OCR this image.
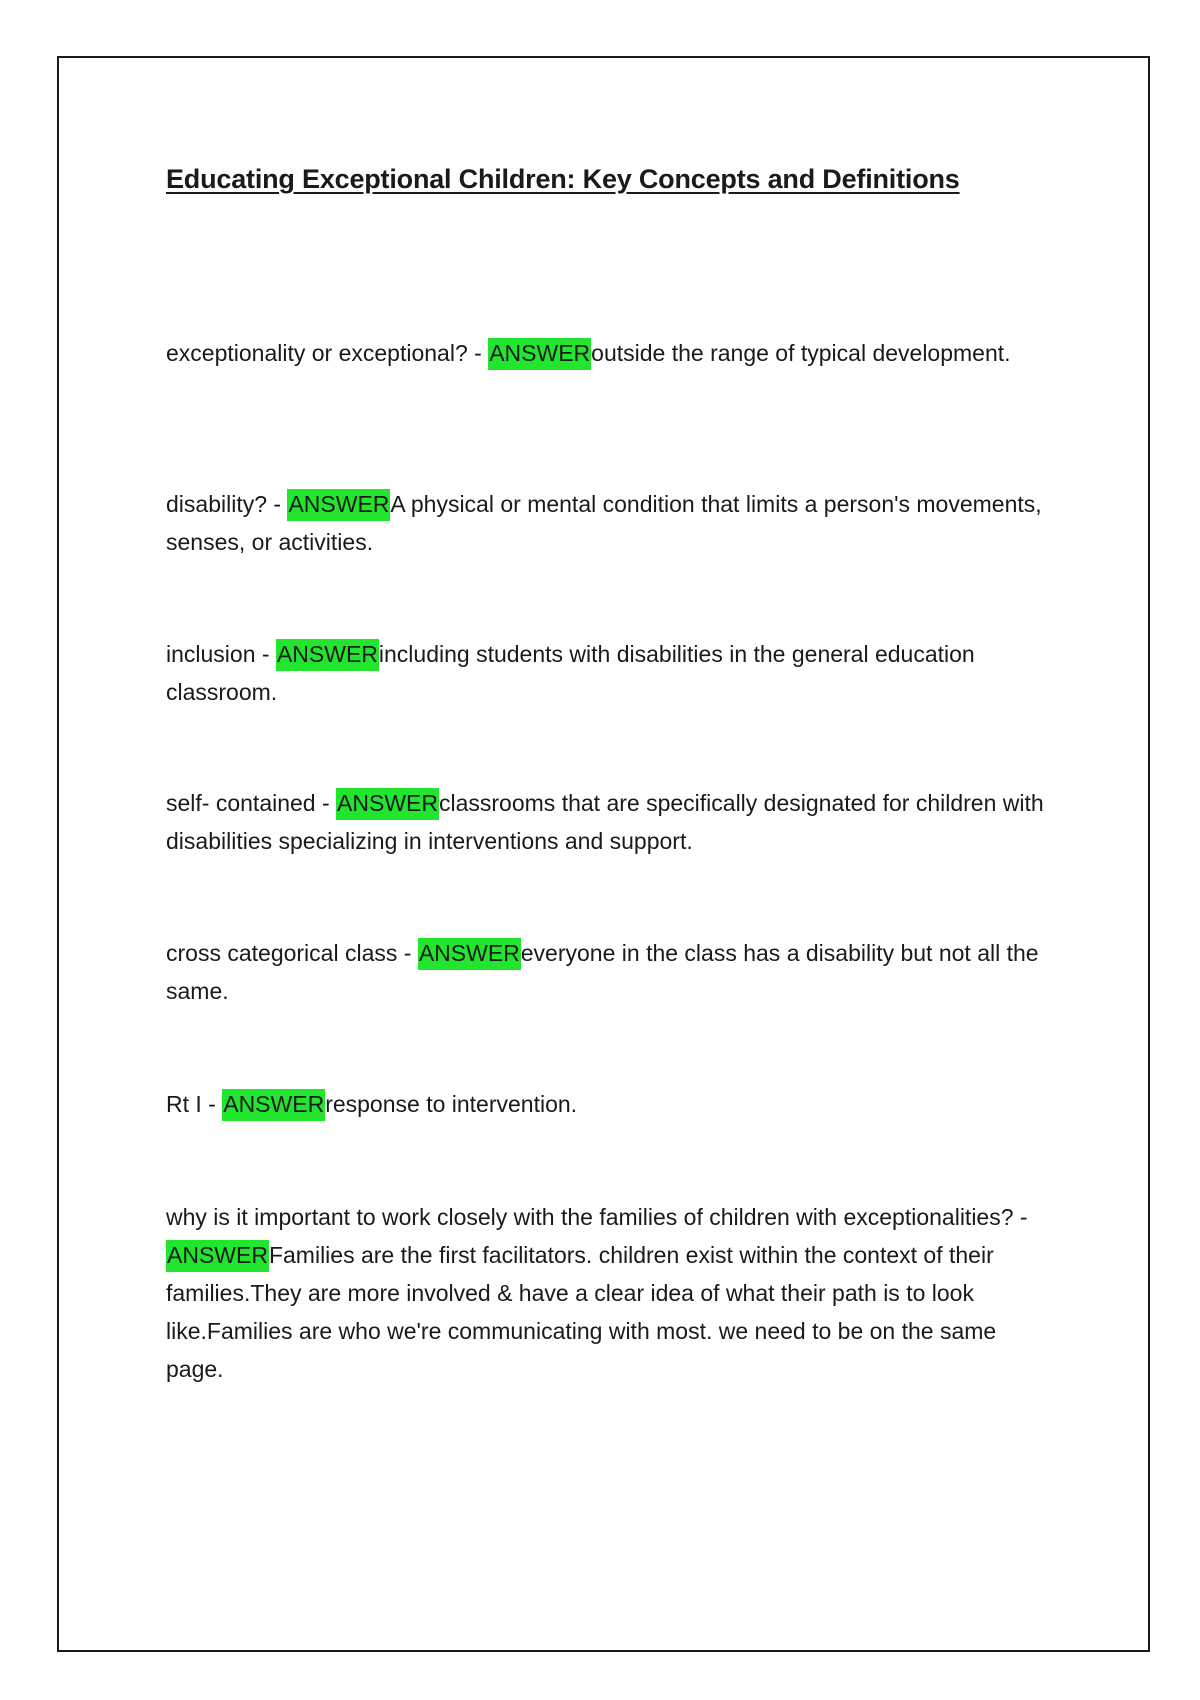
Educating Exceptional Children: Key Concepts and Definitions

exceptionality or exceptional? - ANSWERoutside the range of typical development.

disability? - ANSWERA physical or mental condition that limits a person's movements, senses, or activities.

inclusion - ANSWERincluding students with disabilities in the general education classroom.

self- contained - ANSWERclassrooms that are specifically designated for children with disabilities specializing in interventions and support.

cross categorical class - ANSWEReveryone in the class has a disability but not all the same.

Rt I - ANSWERresponse to intervention.

why is it important to work closely with the families of children with exceptionalities? - ANSWERFamilies are the first facilitators. children exist within the context of their families.They are more involved & have a clear idea of what their path is to look like.Families are who we're communicating with most. we need to be on the same page.
